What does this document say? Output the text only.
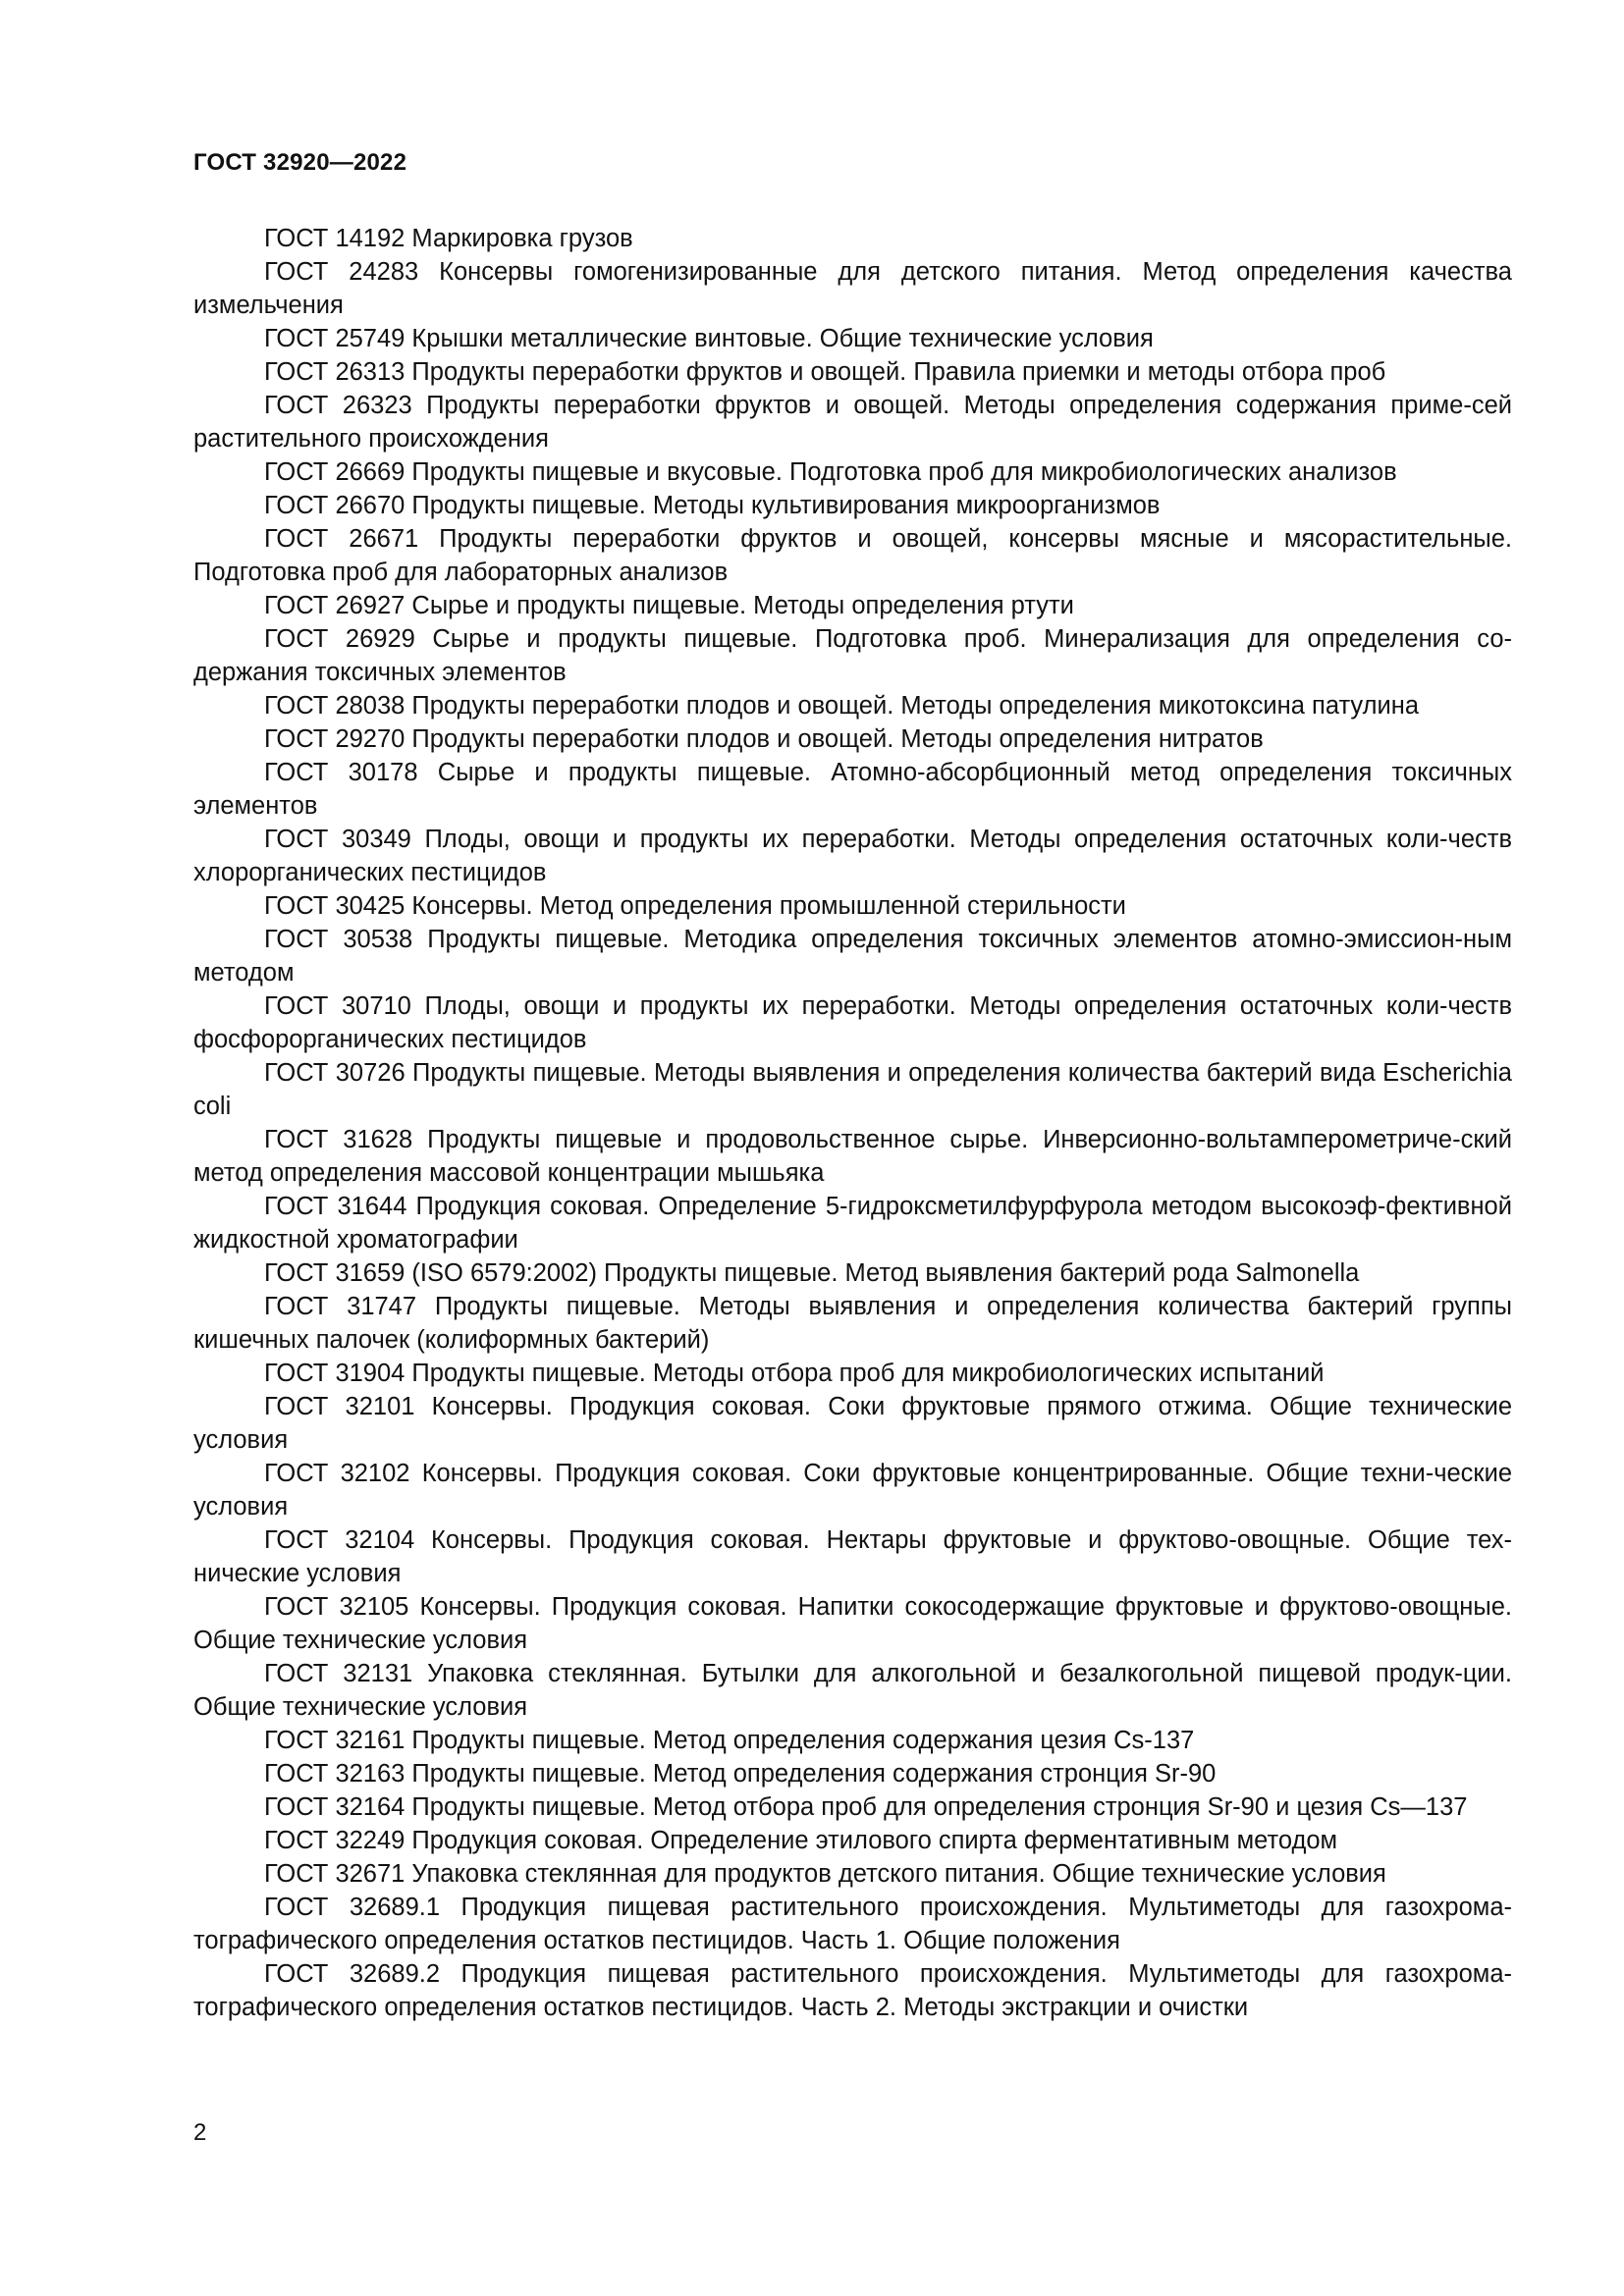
ГОСТ 32920—2022

ГОСТ 14192 Маркировка грузов

ГОСТ 24283 Консервы гомогенизированные для детского питания. Метод определения качества измельчения

ГОСТ 25749 Крышки металлические винтовые. Общие технические условия

ГОСТ 26313 Продукты переработки фруктов и овощей. Правила приемки и методы отбора проб

ГОСТ 26323 Продукты переработки фруктов и овощей. Методы определения содержания приме-сей растительного происхождения

ГОСТ 26669 Продукты пищевые и вкусовые. Подготовка проб для микробиологических анализов

ГОСТ 26670 Продукты пищевые. Методы культивирования микроорганизмов

ГОСТ 26671 Продукты переработки фруктов и овощей, консервы мясные и мясорастительные. Подготовка проб для лабораторных анализов

ГОСТ 26927 Сырье и продукты пищевые. Методы определения ртути

ГОСТ 26929 Сырье и продукты пищевые. Подготовка проб. Минерализация для определения со-держания токсичных элементов

ГОСТ 28038 Продукты переработки плодов и овощей. Методы определения микотоксина патулина

ГОСТ 29270 Продукты переработки плодов и овощей. Методы определения нитратов

ГОСТ 30178 Сырье и продукты пищевые. Атомно-абсорбционный метод определения токсичных элементов

ГОСТ 30349 Плоды, овощи и продукты их переработки. Методы определения остаточных коли-честв хлорорганических пестицидов

ГОСТ 30425 Консервы. Метод определения промышленной стерильности

ГОСТ 30538 Продукты пищевые. Методика определения токсичных элементов атомно-эмиссион-ным методом

ГОСТ 30710 Плоды, овощи и продукты их переработки. Методы определения остаточных коли-честв фосфорорганических пестицидов

ГОСТ 30726 Продукты пищевые. Методы выявления и определения количества бактерий вида Escherichia coli

ГОСТ 31628 Продукты пищевые и продовольственное сырье. Инверсионно-вольтамперометриче-ский метод определения массовой концентрации мышьяка

ГОСТ 31644 Продукция соковая. Определение 5-гидроксметилфурфурола методом высокоэф-фективной жидкостной хроматографии

ГОСТ 31659 (ISO 6579:2002) Продукты пищевые. Метод выявления бактерий рода Salmonella

ГОСТ 31747 Продукты пищевые. Методы выявления и определения количества бактерий группы кишечных палочек (колиформных бактерий)

ГОСТ 31904 Продукты пищевые. Методы отбора проб для микробиологических испытаний

ГОСТ 32101 Консервы. Продукция соковая. Соки фруктовые прямого отжима. Общие технические условия

ГОСТ 32102 Консервы. Продукция соковая. Соки фруктовые концентрированные. Общие техни-ческие условия

ГОСТ 32104 Консервы. Продукция соковая. Нектары фруктовые и фруктово-овощные. Общие тех-нические условия

ГОСТ 32105 Консервы. Продукция соковая. Напитки сокосодержащие фруктовые и фруктово-овощные. Общие технические условия

ГОСТ 32131 Упаковка стеклянная. Бутылки для алкогольной и безалкогольной пищевой продук-ции. Общие технические условия

ГОСТ 32161 Продукты пищевые. Метод определения содержания цезия Cs-137

ГОСТ 32163 Продукты пищевые. Метод определения содержания стронция Sr-90

ГОСТ 32164 Продукты пищевые. Метод отбора проб для определения стронция Sr-90 и цезия Cs—137

ГОСТ 32249 Продукция соковая. Определение этилового спирта ферментативным методом

ГОСТ 32671 Упаковка стеклянная для продуктов детского питания. Общие технические условия

ГОСТ 32689.1 Продукция пищевая растительного происхождения. Мультиметоды для газохрома-тографического определения остатков пестицидов. Часть 1. Общие положения

ГОСТ 32689.2 Продукция пищевая растительного происхождения. Мультиметоды для газохрома-тографического определения остатков пестицидов. Часть 2. Методы экстракции и очистки

2
